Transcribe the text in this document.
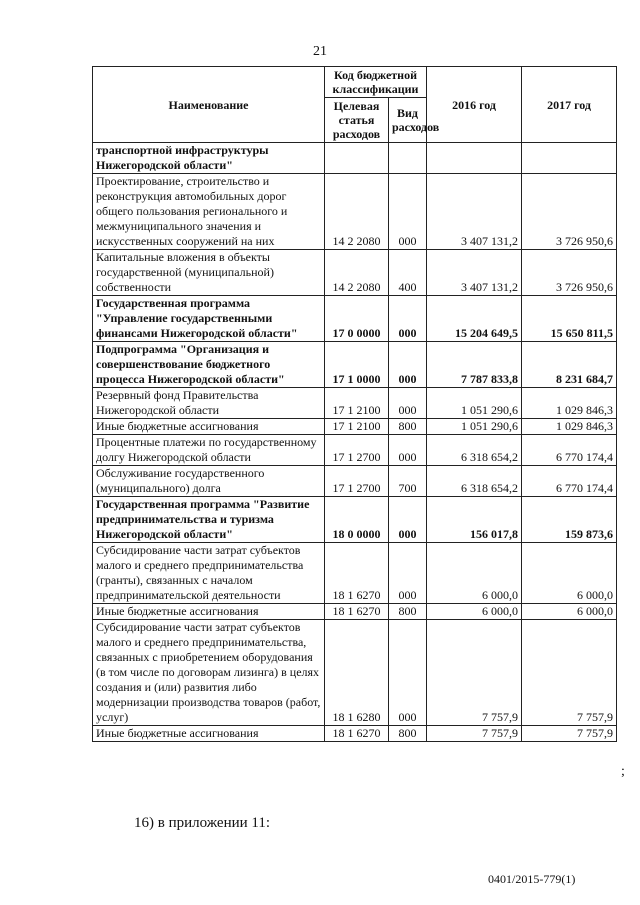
21
Наименование	Код бюджетной классификации		2016 год	2017 год
	Целевая статья расходов	Вид расходов		
транспортной инфраструктуры Нижегородской области"				
Проектирование, строительство и реконструкция автомобильных дорог общего пользования регионального и межмуниципального значения и искусственных сооружений на них	14 2 2080	000	3 407 131,2	3 726 950,6
Капитальные вложения в объекты государственной (муниципальной) собственности	14 2 2080	400	3 407 131,2	3 726 950,6
Государственная программа "Управление государственными финансами Нижегородской области"	17 0 0000	000	15 204 649,5	15 650 811,5
Подпрограмма "Организация и совершенствование бюджетного процесса Нижегородской области"	17 1 0000	000	7 787 833,8	8 231 684,7
Резервный фонд Правительства Нижегородской области	17 1 2100	000	1 051 290,6	1 029 846,3
Иные бюджетные ассигнования	17 1 2100	800	1 051 290,6	1 029 846,3
Процентные платежи по государственному долгу Нижегородской области	17 1 2700	000	6 318 654,2	6 770 174,4
Обслуживание государственного (муниципального) долга	17 1 2700	700	6 318 654,2	6 770 174,4
Государственная программа "Развитие предпринимательства и туризма Нижегородской области"	18 0 0000	000	156 017,8	159 873,6
Субсидирование части затрат субъектов малого и среднего предпринимательства (гранты), связанных с началом предпринимательской деятельности	18 1 6270	000	6 000,0	6 000,0
Иные бюджетные ассигнования	18 1 6270	800	6 000,0	6 000,0
Субсидирование части затрат субъектов малого и среднего предпринимательства, связанных с приобретением оборудования (в том числе по договорам лизинга) в целях создания и (или) развития либо модернизации производства товаров (работ, услуг)	18 1 6280	000	7 757,9	7 757,9
Иные бюджетные ассигнования	18 1 6270	800	7 757,9	7 757,9
;
16) в приложении 11:
0401/2015-779(1)
